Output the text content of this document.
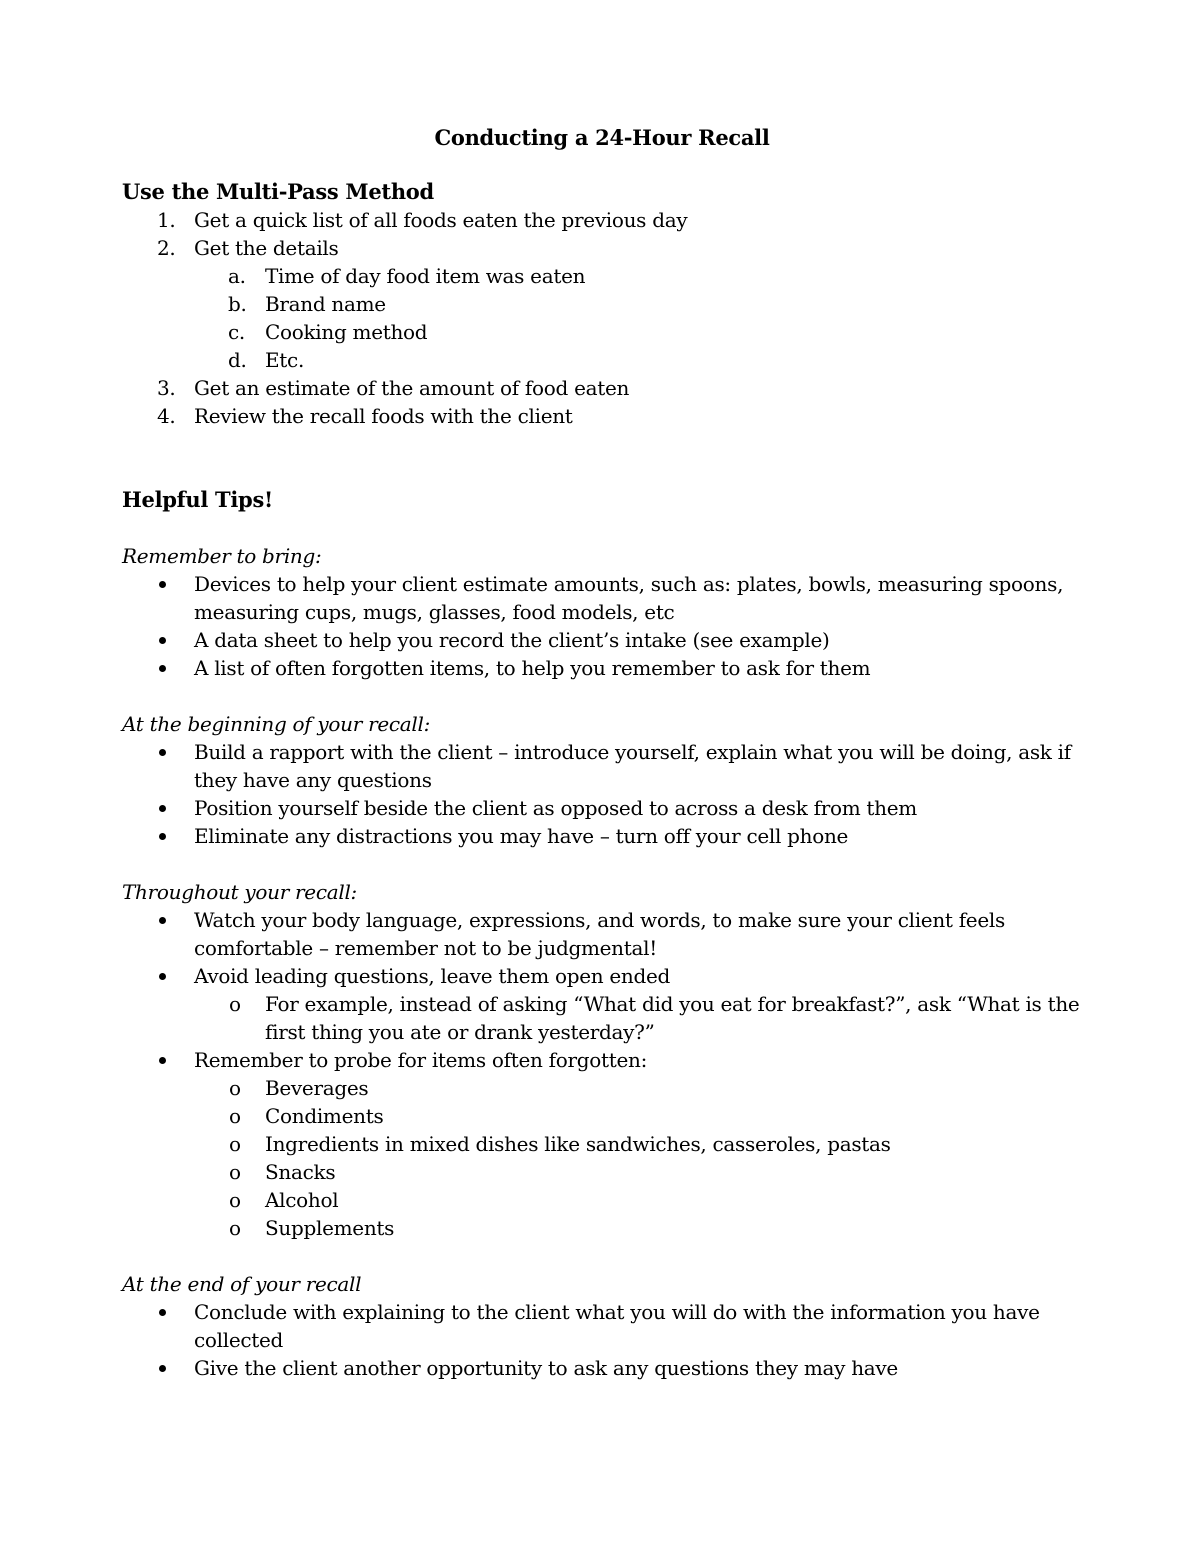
Conducting a 24-Hour Recall

Use the Multi-Pass Method

1. Get a quick list of all foods eaten the previous day
2. Get the details
a. Time of day food item was eaten
b. Brand name
c.	Cooking method
d. Etc.
3. Get an estimate of the amount of food eaten
4. Review the recall foods with the client

Helpful Tips!

Remember to bring:

Devices to help your client estimate amounts, such as: plates, bowls, measuring spoons, measuring cups, mugs, glasses, food models, etc
A data sheet to help you record the client’s intake (see example)
A list of often forgotten items, to help you remember to ask for them

At the beginning of your recall:

Build a rapport with the client – introduce yourself, explain what you will be doing, ask if they have any questions
Position yourself beside the client as opposed to across a desk from them
Eliminate any distractions you may have – turn off your cell phone

Throughout your recall:

Watch your body language, expressions, and words, to make sure your client feels comfortable – remember not to be judgmental!
Avoid leading questions, leave them open ended
o For example, instead of asking “What did you eat for breakfast?”, ask “What is the first thing you ate or drank yesterday?”
Remember to probe for items often forgotten:
o Beverages
o Condiments
o Ingredients in mixed dishes like sandwiches, casseroles, pastas
o Snacks
o Alcohol
o Supplements

At the end of your recall

Conclude with explaining to the client what you will do with the information you have collected
Give the client another opportunity to ask any questions they may have
